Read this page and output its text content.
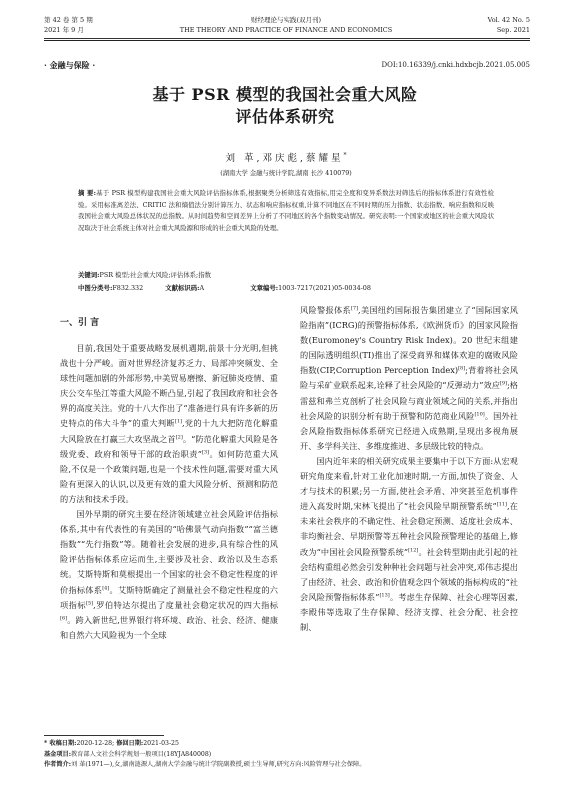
第 42 卷 第 5 期
2021 年 9 月
财经理论与实践(双月刊)
THE THEORY AND PRACTICE OF FINANCE AND ECONOMICS
Vol. 42 No. 5
Sep. 2021
· 金融与保险 ·	DOI:10.16339/j.cnki.hdxbcjb.2021.05.005
基于 PSR 模型的我国社会重大风险
评估体系研究
刘 革,邓庆彪,蔡耀星*
(湖南大学 金融与统计学院,湖南 长沙 410079)
摘 要:基于 PSR 模型构建我国社会重大风险评估指标体系,根据聚类分析筛选有效指标,用完全度和变异系数法对筛选后的指标体系进行有效性检验。采用标准离差法、CRITIC 法和熵值法分别计算压力、状态和响应指标权重,计算不同地区在不同时期的压力指数、状态指数、响应指数和反映我国社会重大风险总体状况的总指数。从时间趋势和空间差异上分析了不同地区的各个指数变动情况。研究表明:一个国家或地区的社会重大风险状况取决于社会系统主体对社会重大风险源和形成的社会重大风险的处理。
关键词:PSR 模型;社会重大风险;评估体系;指数
中图分类号:F832.332	文献标识码:A	文章编号:1003-7217(2021)05-0034-08
一、引 言

目前,我国处于重要战略发展机遇期,前景十分光明,但挑战也十分严峻。面对世界经济复苏乏力、局部冲突频发、全球性问题加剧的外部形势,中美贸易磨擦、新冠肺炎疫情、重庆公交车坠江等重大风险不断凸显,引起了我国政府和社会各界的高度关注。党的十八大作出了“准备进行具有许多新的历史特点的伟大斗争”的重大判断[1],党的十九大把防范化解重大风险放在打赢三大攻坚战之首[2]。“防范化解重大风险是各级党委、政府和领导干部的政治职责”[3]。如何防范重大风险,不仅是一个政策问题,也是一个技术性问题,需要对重大风险有更深入的认识,以及更有效的重大风险分析、预测和防范的方法和技术手段。

国外早期的研究主要在经济领域建立社会风险评估指标体系,其中有代表性的有美国的“哈佛景气动向指数”“富兰德指数”“先行指数”等。随着社会发展的进步,具有综合性的风险评估指标体系应运而生,主要涉及社会、政治以及生态系统。艾斯特斯和莫根提出一个国家的社会不稳定性程度的评价指标体系[4]。艾斯特斯确定了测量社会不稳定性程度的六项指标[5],罗伯特达尔提出了度量社会稳定状况的四大指标[6]。跨入新世纪,世界银行将环境、政治、社会、经济、健康和自然六大风险视为一个全球

风险警报体系[7],美国纽约国际报告集团建立了“国际国家风险指南”(ICRG)的预警指标体系,《欧洲货币》的国家风险指数(Euromoney's Country Risk Index)。20 世纪末组建的国际透明组织(TI)推出了深受商界和媒体欢迎的腐败风险指数(CIP,Corruption Perception Index)[8];背着将社会风险与采矿业联系起来,诠释了社会风险的“反弹动力”效应[9];格雷兹和弗兰克剖析了社会风险与商业领域之间的关系,并指出社会风险的识别分析有助于预警和防范商业风险[10]。国外社会风险指数指标体系研究已经进入成熟期,呈现出多视角展开、多学科关注、多维度推进、多层级比较的特点。

国内近年来的相关研究成果主要集中于以下方面:从宏观研究角度来看,针对工业化加速时期,一方面,加快了资金、人才与技术的积累;另一方面,使社会矛盾、冲突甚至危机事件进入高发时期,宋林飞提出了“社会风险早期预警系统”[11],在未来社会秩序的不确定性、社会稳定预测、适度社会成本、非均衡社会、早期预警等五种社会风险预警理论的基础上,修改为“中国社会风险预警系统”[12]。社会转型期由此引起的社会结构重组必然会引发种种社会问题与社会冲突,邓伟志提出了由经济、社会、政治和价值观念四个领域的指标构成的“社会风险预警指标体系”[13]。考虑生存保障、社会心理等因素,李殿伟等选取了生存保障、经济支撑、社会分配、社会控制、

* 收稿日期:2020-12-28; 修回日期:2021-03-25
基金项目:教育部人文社会科学规划一般项目(18YJA840008)
作者简介:刘 革(1971—),女,湖南涟源人,湖南大学金融与统计学院副教授,硕士生导师,研究方向:风险管理与社会保障。
